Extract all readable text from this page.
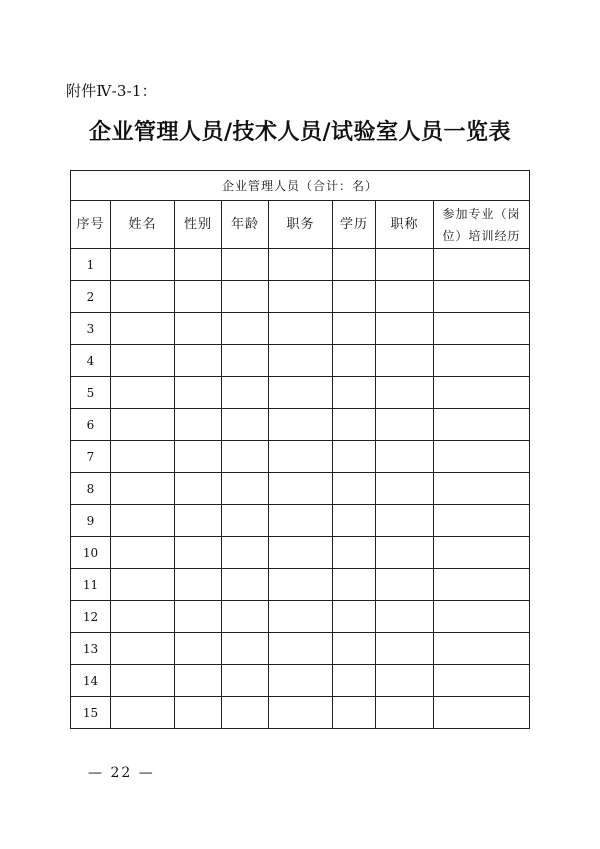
附件Ⅳ-3-1：
企业管理人员/技术人员/试验室人员一览表
企业管理人员（合计：名）							
序号	姓名	性别	年龄	职务	学历	职称	参加专业（岗位）培训经历
1							
2							
3							
4							
5							
6							
7							
8							
9							
10							
11							
12							
13							
14							
15							
— 22 —
